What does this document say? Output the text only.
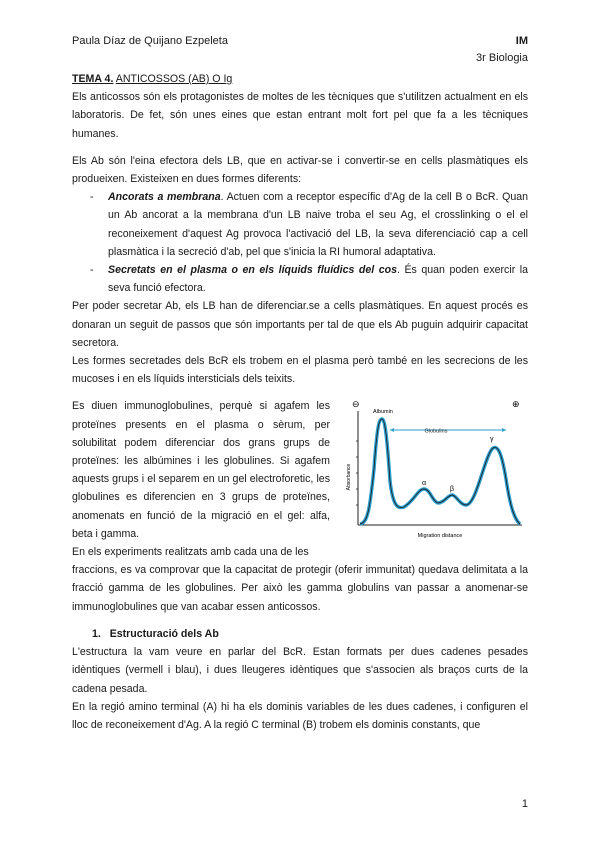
Paula Díaz de Quijano Ezpeleta	IM
3r Biologia

TEMA 4. ANTICOSSOS (AB) O Ig

Els anticossos són els protagonistes de moltes de les tècniques que s'utilitzen actualment en els laboratoris. De fet, són unes eines que estan entrant molt fort pel que fa a les tècniques humanes.

Els Ab són l'eina efectora dels LB, que en activar-se i convertir-se en cells plasmàtiques els produeixen. Existeixen en dues formes diferents:

- Ancorats a membrana. Actuen com a receptor específic d'Ag de la cell B o BcR. Quan un Ab ancorat a la membrana d'un LB naive troba el seu Ag, el crosslinking o el el reconeixement d'aquest Ag provoca l'activació del LB, la seva diferenciació cap a cell plasmàtica i la secreció d'ab, pel que s'inicia la RI humoral adaptativa.
- Secretats en el plasma o en els líquids fluídics del cos. És quan poden exercir la seva funció efectora.

Per poder secretar Ab, els LB han de diferenciar.se a cells plasmàtiques. En aquest procés es donaran un seguit de passos que són importants per tal de que els Ab puguin adquirir capacitat secretora.

Les formes secretades dels BcR els trobem en el plasma però també en les secrecions de les mucoses i en els líquids intersticials dels teixits.

Es diuen immunoglobulines, perquè si agafem les proteïnes presents en el plasma o sèrum, per solubilitat podem diferenciar dos grans grups de proteïnes: les albúmines i les globulines. Si agafem aquests grups i el separem en un gel electroforetic, les globulines es diferencien en 3 grups de proteïnes, anomenats en funció de la migració en el gel: alfa, beta i gamma.

En els experiments realitzats amb cada una de les

⊖	⊕
Albumin
Globulins
α
β
γ
Absorbance
Migration distance

fraccions, es va comprovar que la capacitat de protegir (oferir immunitat) quedava delimitata a la fracció gamma de les globulines. Per això les gamma globulins van passar a anomenar-se immunoglobulines que van acabar essen anticossos.

1. Estructuració dels Ab

L'estructura la vam veure en parlar del BcR. Estan formats per dues cadenes pesades idèntiques (vermell i blau), i dues lleugeres idèntiques que s'associen als braços curts de la cadena pesada.

En la regió amino terminal (A) hi ha els dominis variables de les dues cadenes, i configuren el lloc de reconeixement d'Ag. A la regió C terminal (B) trobem els dominis constants, que

1
